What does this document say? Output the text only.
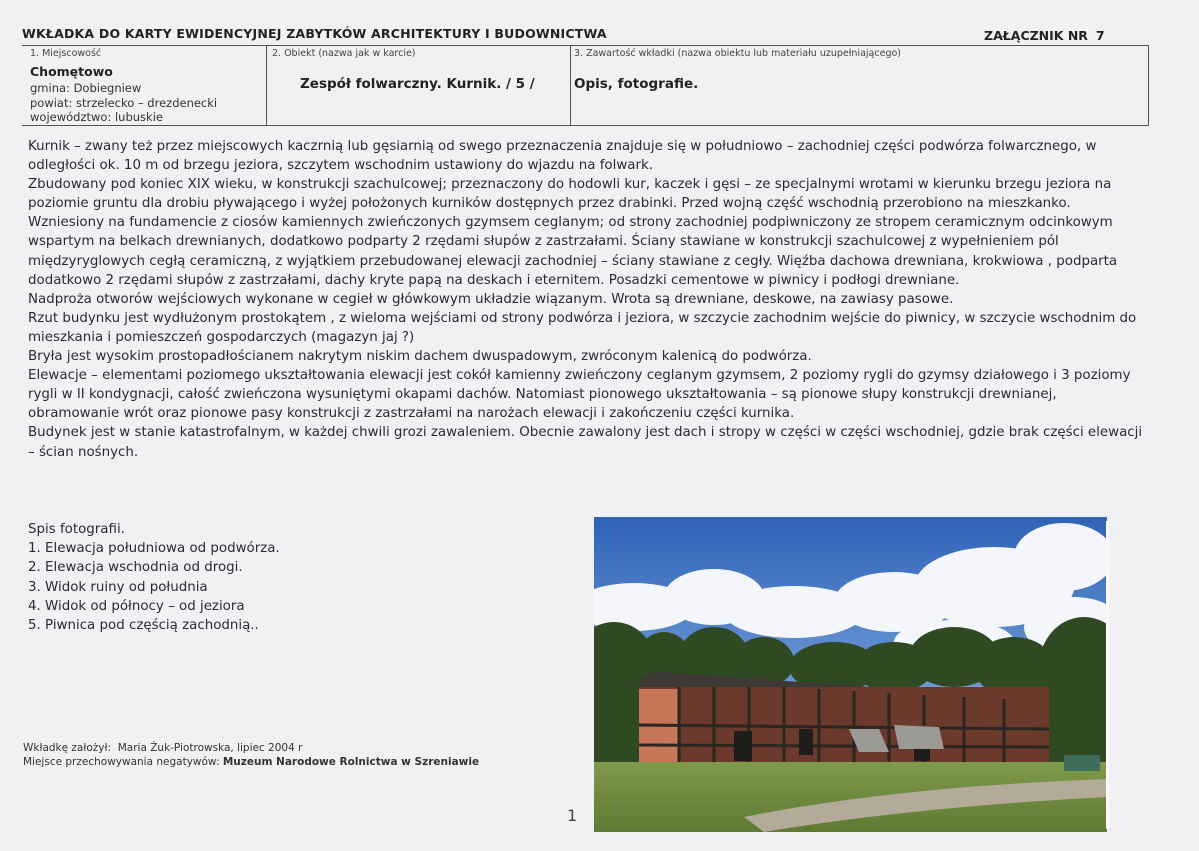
WKŁADKA DO KARTY EWIDENCYJNEJ ZABYTKÓW ARCHITEKTURY I BUDOWNICTWA	ZAŁĄCZNIK NR 7
1. Miejscowość
Chomętowo
gmina: Dobiegniew
powiat: strzelecko – drezdenecki
województwo: lubuskie
2. Obiekt (nazwa jak w karcie)
Zespół folwarczny. Kurnik. / 5 /
3. Zawartość wkładki (nazwa obiektu lub materiału uzupełniającego)
Opis, fotografie.

Kurnik – zwany też przez miejscowych kaczrnią lub gęsiarnią od swego przeznaczenia znajduje się w południowo – zachodniej części podwórza folwarcznego, w odległości ok. 10 m od brzegu jeziora, szczytem wschodnim ustawiony do wjazdu na folwark.

Zbudowany pod koniec XIX wieku, w konstrukcji szachulcowej; przeznaczony do hodowli kur, kaczek i gęsi – ze specjalnymi wrotami w kierunku brzegu jeziora na poziomie gruntu dla drobiu pływającego i wyżej położonych kurników dostępnych przez drabinki. Przed wojną część wschodnią przerobiono na mieszkanko.

Wzniesiony na fundamencie z ciosów kamiennych zwieńczonych gzymsem ceglanym; od strony zachodniej podpiwniczony ze stropem ceramicznym odcinkowym wspartym na belkach drewnianych, dodatkowo podparty 2 rzędami słupów z zastrzałami. Ściany stawiane w konstrukcji szachulcowej z wypełnieniem pól międzyryglowych cegłą ceramiczną, z wyjątkiem przebudowanej elewacji zachodniej – ściany stawiane z cegły. Więźba dachowa drewniana, krokwiowa , podparta dodatkowo 2 rzędami słupów z zastrzałami, dachy kryte papą na deskach i eternitem. Posadzki cementowe w piwnicy i podłogi drewniane.

Nadproża otworów wejściowych wykonane w cegieł w główkowym układzie wiązanym. Wrota są drewniane, deskowe, na zawiasy pasowe.

Rzut budynku jest wydłużonym prostokątem , z wieloma wejściami od strony podwórza i jeziora, w szczycie zachodnim wejście do piwnicy, w szczycie wschodnim do mieszkania i pomieszczeń gospodarczych (magazyn jaj ?)

Bryła jest wysokim prostopadłościanem nakrytym niskim dachem dwuspadowym, zwróconym kalenicą do podwórza.

Elewacje – elementami poziomego ukształtowania elewacji jest cokół kamienny zwieńczony ceglanym gzymsem, 2 poziomy rygli do gzymsy działowego i 3 poziomy rygli w II kondygnacji, całość zwieńczona wysuniętymi okapami dachów. Natomiast pionowego ukształtowania – są pionowe słupy konstrukcji drewnianej, obramowanie wrót oraz pionowe pasy konstrukcji z zastrzałami na narożach elewacji i zakończeniu części kurnika.

Budynek jest w stanie katastrofalnym, w każdej chwili grozi zawaleniem. Obecnie zawalony jest dach i stropy w części w części wschodniej, gdzie brak części elewacji – ścian nośnych.

Spis fotografii.
1. Elewacja południowa od podwórza.
2. Elewacja wschodnia od drogi.
3. Widok ruiny od południa
4. Widok od północy – od jeziora
5. Piwnica pod częścią zachodnią..
Wkładkę założył: Maria Żuk-Piotrowska, lipiec 2004 r
Miejsce przechowywania negatywów: Muzeum Narodowe Rolnictwa w Szreniawie
1
